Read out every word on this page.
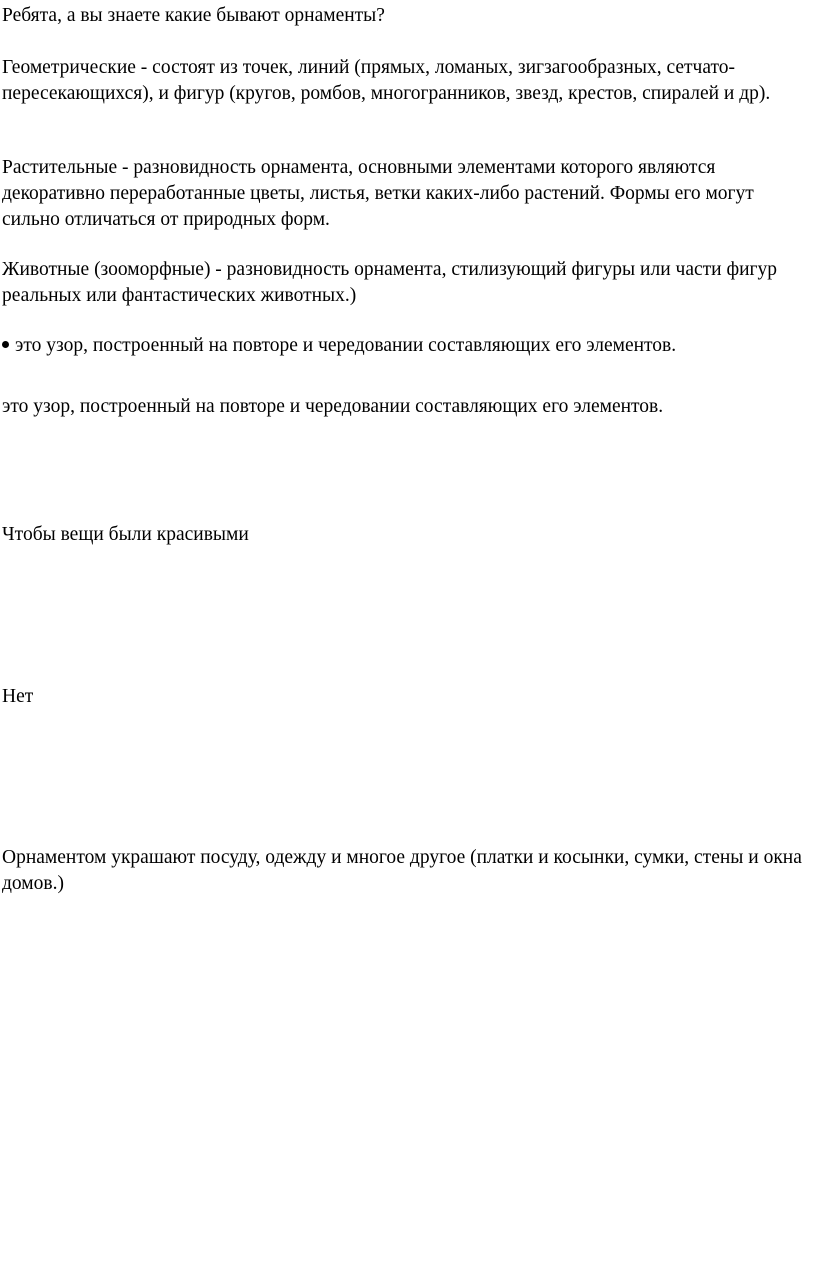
Ребята, а вы знаете какие бывают орнаменты?

Геометрические - состоят из точек, линий (прямых, ломаных, зигзагообразных, сетчато-пересекающихся), и фигур (кругов, ромбов, многогранников, звезд, крестов, спиралей и др).

Растительные - разновидность орнамента, основными элементами которого являются декоративно переработанные цветы, листья, ветки каких-либо растений. Формы его могут сильно отличаться от природных форм.

Животные (зооморфные) - разновидность орнамента, стилизующий фигуры или части фигур реальных или фантастических животных.)

это узор, построенный на повторе и чередовании составляющих его элементов.

это узор, построенный на повторе и чередовании составляющих его элементов.

Чтобы вещи были красивыми

Нет

Орнаментом украшают посуду, одежду и многое другое (платки и косынки, сумки, стены и окна домов.)
